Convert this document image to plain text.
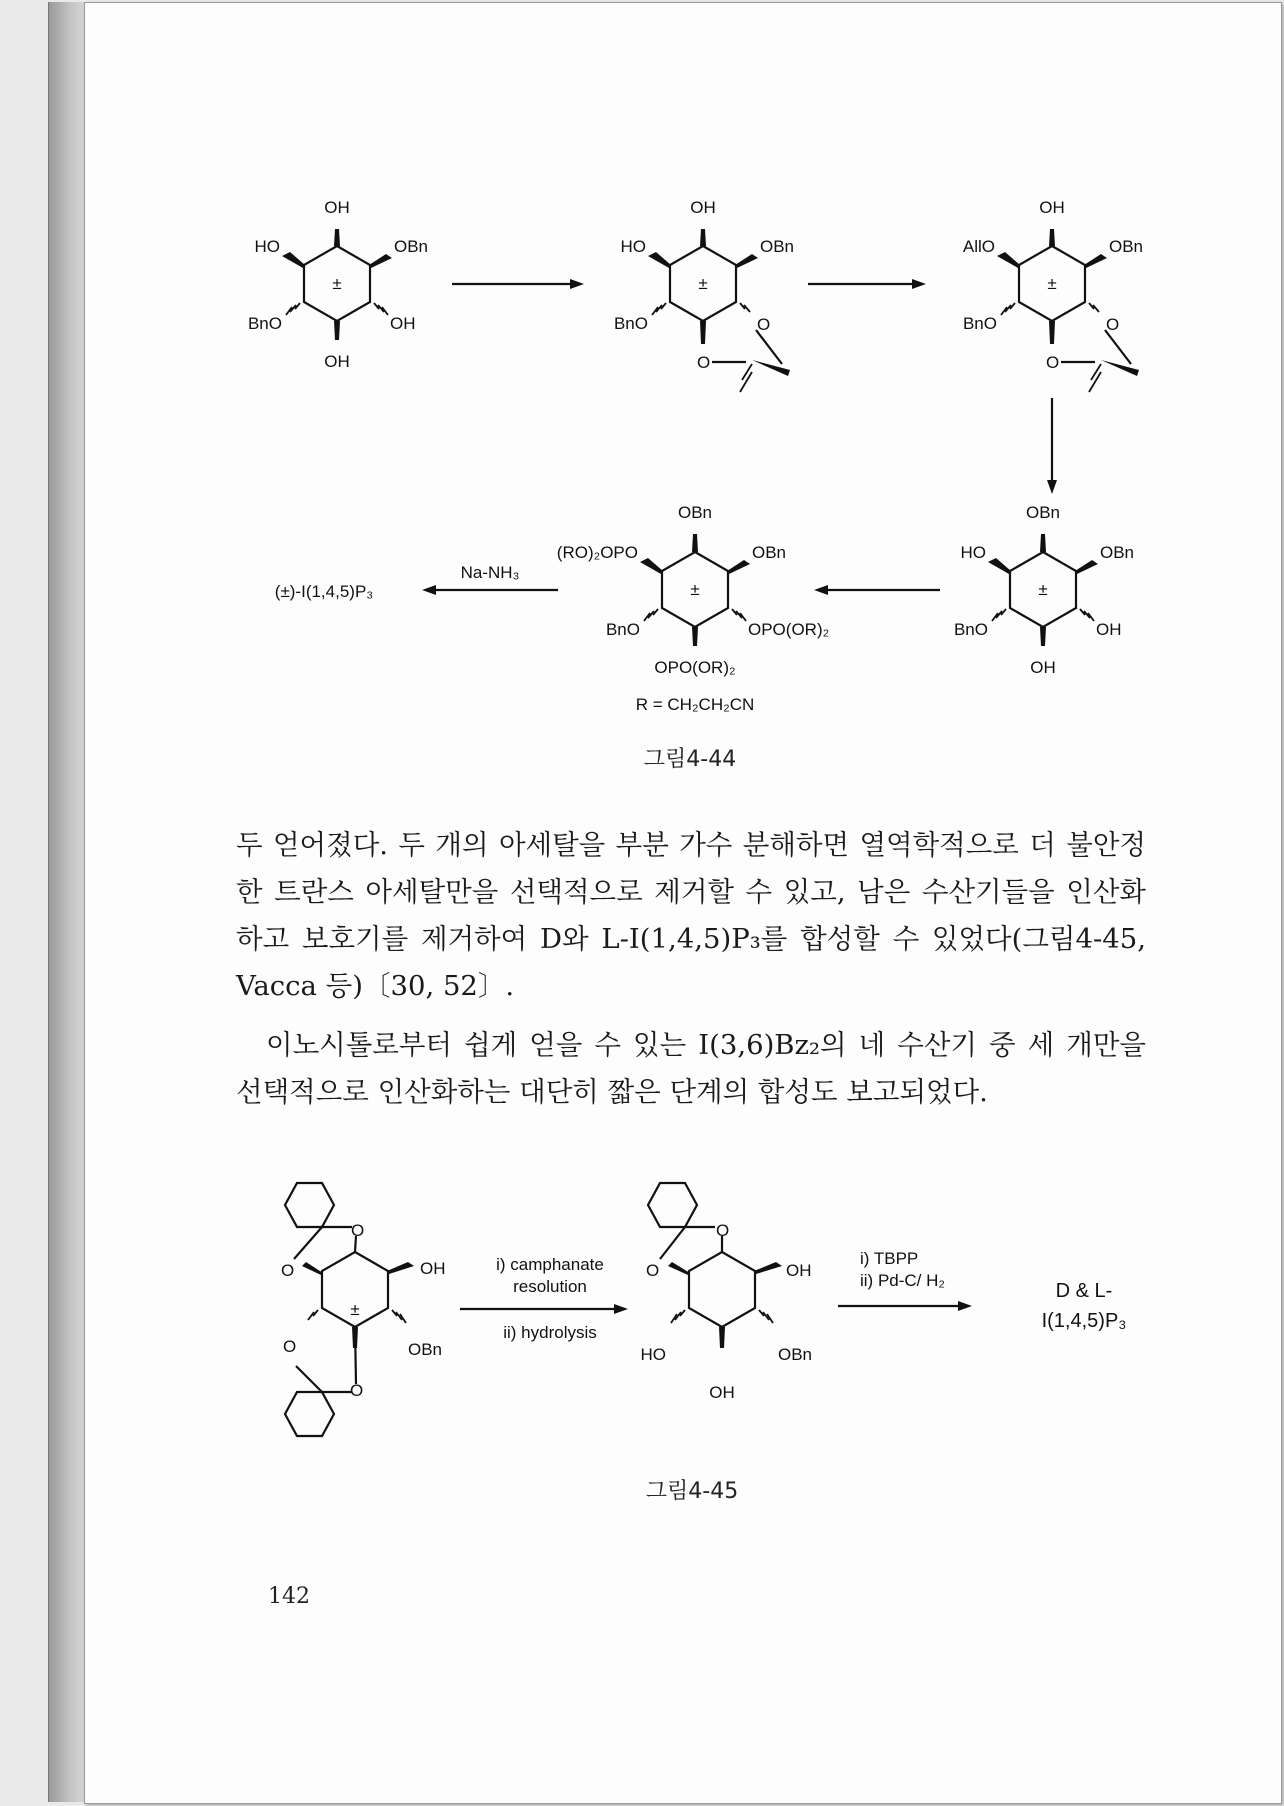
OH
HO	OBn
±
BnO	OH
OH
OH
HO	OBn
±
BnO	O
O
OH
AllO	OBn
±
BnO	O
O
OBn
HO	OBn
±
BnO	OH
OH
OBn
(RO)₂OPO	OBn
±
BnO	OPO(OR)₂
OPO(OR)₂
R = CH₂CH₂CN
Na-NH₃
(±)-I(1,4,5)P₃
그림4-44

두 얻어졌다. 두 개의 아세탈을 부분 가수 분해하면 열역학적으로 더 불안정한 트란스 아세탈만을 선택적으로 제거할 수 있고, 남은 수산기들을 인산화하고 보호기를 제거하여 D와 L-I(1,4,5)P₃를 합성할 수 있었다(그림4-45, Vacca 등)〔30, 52〕.

이노시톨로부터 쉽게 얻을 수 있는 I(3,6)Bz₂의 네 수산기 중 세 개만을 선택적으로 인산화하는 대단히 짧은 단계의 합성도 보고되었다.

O
O
O
O
OH
±
OBn
i) camphanate
resolution
ii) hydrolysis
O
O	OH
HO	OBn
OH
i) TBPP
ii) Pd-C/ H₂	D & L-
I(1,4,5)P₃
그림4-45
142
